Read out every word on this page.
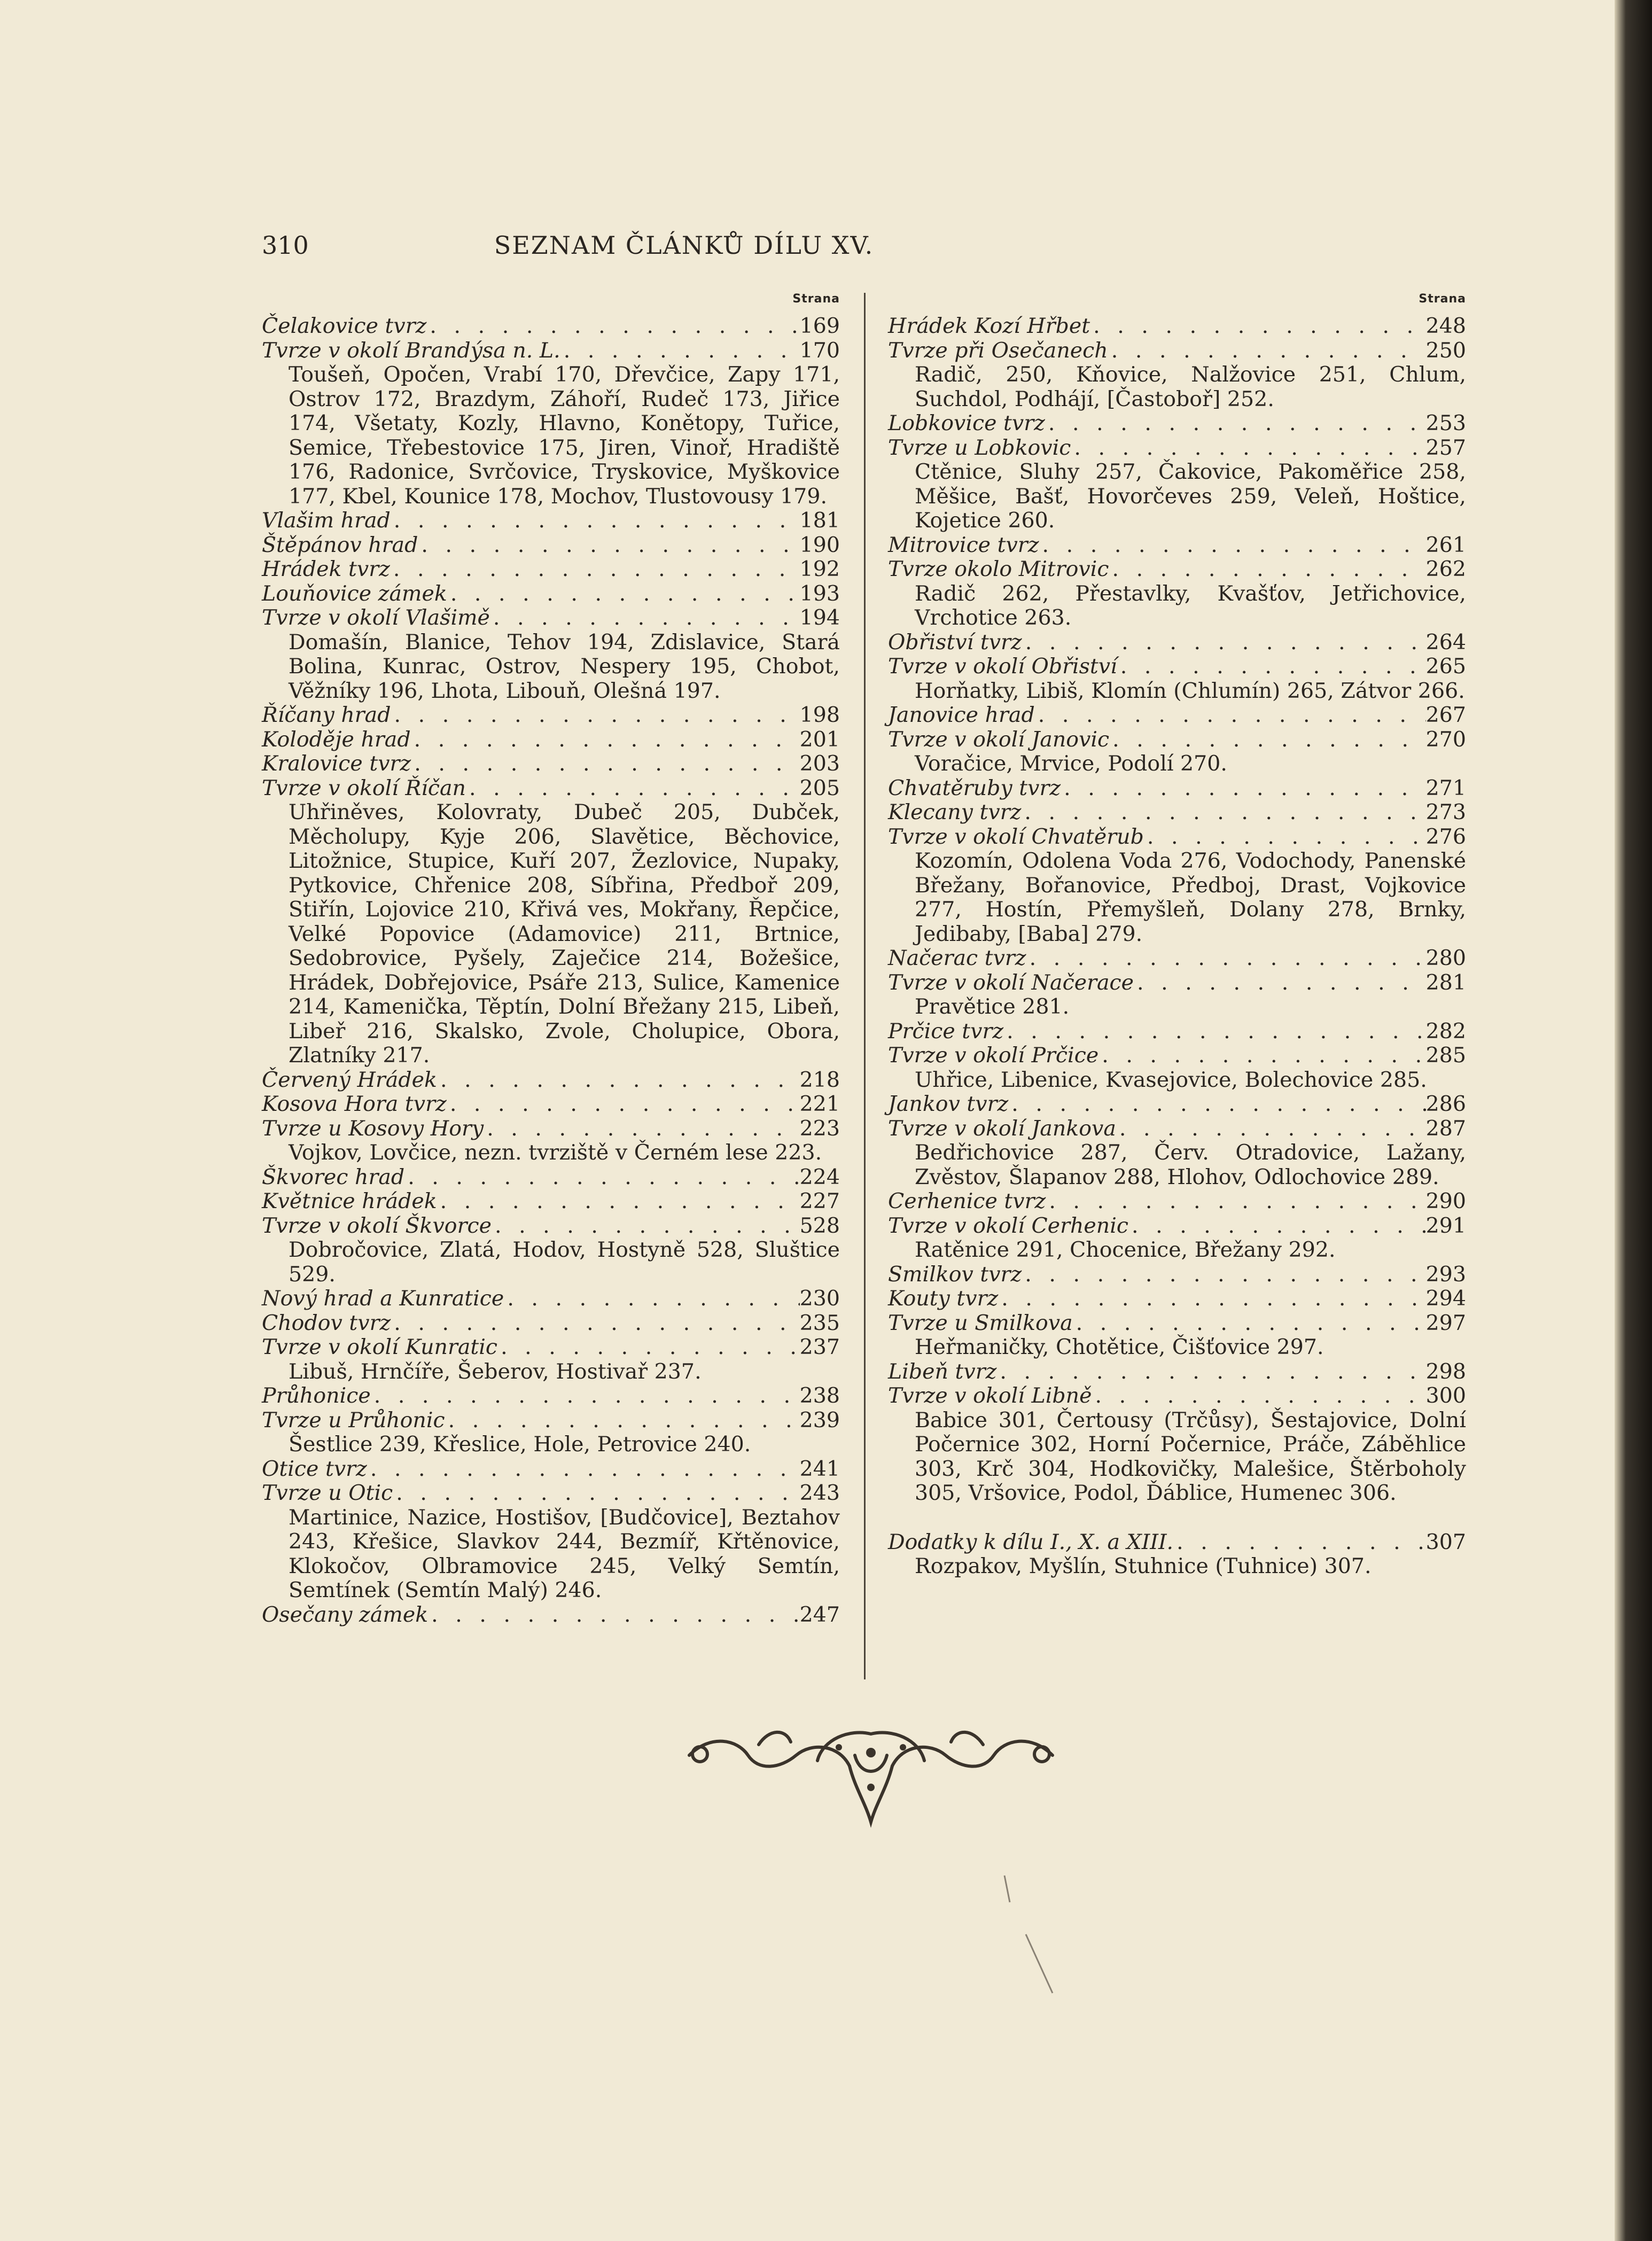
310	SEZNAM ČLÁNKŮ DÍLU XV.
Strana
Čelakovice tvrz . . .	169
Tvrze v okolí Brandýsa n. L. . . .	170
Toušeň, Opočen, Vrabí 170, Dřevčice, Zapy 171, Ostrov 172, Brazdym, Záhoří, Rudeč 173, Jiřice 174, Všetaty, Kozly, Hlavno, Konětopy, Tuřice, Semice, Třebestovice 175, Jiren, Vinoř, Hradiště 176, Radonice, Svrčovice, Tryskovice, Myškovice 177, Kbel, Kounice 178, Mochov, Tlustovousy 179.
Vlašim hrad . . .	181
Štěpánov hrad . . .	190
Hrádek tvrz . . .	192
Louňovice zámek . . .	193
Tvrze v okolí Vlašimě . . .	194
Domašín, Blanice, Tehov 194, Zdislavice, Stará Bolina, Kunrac, Ostrov, Nespery 195, Chobot, Věžníky 196, Lhota, Libouň, Olešná 197.
Říčany hrad . . .	198
Koloděje hrad . . .	201
Kralovice tvrz . . .	203
Tvrze v okolí Říčan . . .	205
Uhřiněves, Kolovraty, Dubeč 205, Dubček, Měcholupy, Kyje 206, Slavětice, Běchovice, Litožnice, Stupice, Kuří 207, Žezlovice, Nupaky, Pytkovice, Chřenice 208, Síbřina, Předboř 209, Stiřín, Lojovice 210, Křivá ves, Mokřany, Řepčice, Velké Popovice (Adamovice) 211, Brtnice, Sedobrovice, Pyšely, Zaječice 214, Božešice, Hrádek, Dobřejovice, Psáře 213, Sulice, Kamenice 214, Kamenička, Těptín, Dolní Břežany 215, Libeň, Libeř 216, Skalsko, Zvole, Cholupice, Obora, Zlatníky 217.
Červený Hrádek . . .	218
Kosova Hora tvrz . . .	221
Tvrze u Kosovy Hory . . .	223
Vojkov, Lovčice, nezn. tvrziště v Černém lese 223.
Škvorec hrad . . .	224
Květnice hrádek . . .	227
Tvrze v okolí Škvorce . . .	528
Dobročovice, Zlatá, Hodov, Hostyně 528, Sluštice 529.
Nový hrad a Kunratice . . .	230
Chodov tvrz . . .	235
Tvrze v okolí Kunratic . . .	237
Libuš, Hrnčíře, Šeberov, Hostivař 237.
Průhonice . . .	238
Tvrze u Průhonic . . .	239
Šestlice 239, Křeslice, Hole, Petrovice 240.
Otice tvrz . . .	241
Tvrze u Otic . . .	243
Martinice, Nazice, Hostišov, [Budčovice], Beztahov 243, Křešice, Slavkov 244, Bezmíř, Křtěnovice, Klokočov, Olbramovice 245, Velký Semtín, Semtínek (Semtín Malý) 246.
Osečany zámek . . .	247
Strana
Hrádek Kozí Hřbet . . .	248
Tvrze při Osečanech . . .	250
Radič, 250, Kňovice, Nalžovice 251, Chlum, Suchdol, Podhájí, [Častoboř] 252.
Lobkovice tvrz . . .	253
Tvrze u Lobkovic . . .	257
Ctěnice, Sluhy 257, Čakovice, Pakoměřice 258, Měšice, Bašť, Hovorčeves 259, Veleň, Hoštice, Kojetice 260.
Mitrovice tvrz . . .	261
Tvrze okolo Mitrovic . . .	262
Radič 262, Přestavlky, Kvašťov, Jetřichovice, Vrchotice 263.
Obřiství tvrz . . .	264
Tvrze v okolí Obřiství . . .	265
Horňatky, Libiš, Klomín (Chlumín) 265, Zátvor 266.
Janovice hrad . . .	267
Tvrze v okolí Janovic . . .	270
Voračice, Mrvice, Podolí 270.
Chvatěruby tvrz . . .	271
Klecany tvrz . . .	273
Tvrze v okolí Chvatěrub . . .	276
Kozomín, Odolena Voda 276, Vodochody, Panenské Břežany, Bořanovice, Předboj, Drast, Vojkovice 277, Hostín, Přemyšleň, Dolany 278, Brnky, Jedibaby, [Baba] 279.
Načerac tvrz . . .	280
Tvrze v okolí Načerace . . .	281
Pravětice 281.
Prčice tvrz . . .	282
Tvrze v okolí Prčice . . .	285
Uhřice, Libenice, Kvasejovice, Bolechovice 285.
Jankov tvrz . . .	286
Tvrze v okolí Jankova . . .	287
Bedřichovice 287, Červ. Otradovice, Lažany, Zvěstov, Šlapanov 288, Hlohov, Odlochovice 289.
Cerhenice tvrz . . .	290
Tvrze v okolí Cerhenic . . .	291
Ratěnice 291, Chocenice, Břežany 292.
Smilkov tvrz . . .	293
Kouty tvrz . . .	294
Tvrze u Smilkova . . .	297
Heřmaničky, Chotětice, Čišťovice 297.
Libeň tvrz . . .	298
Tvrze v okolí Libně . . .	300
Babice 301, Čertousy (Trčůsy), Šestajovice, Dolní Počernice 302, Horní Počernice, Práče, Záběhlice 303, Krč 304, Hodkovičky, Malešice, Štěrboholy 305, Vršovice, Podol, Ďáblice, Humenec 306.
Dodatky k dílu I., X. a XIII. . . .	307
Rozpakov, Myšlín, Stuhnice (Tuhnice) 307.
